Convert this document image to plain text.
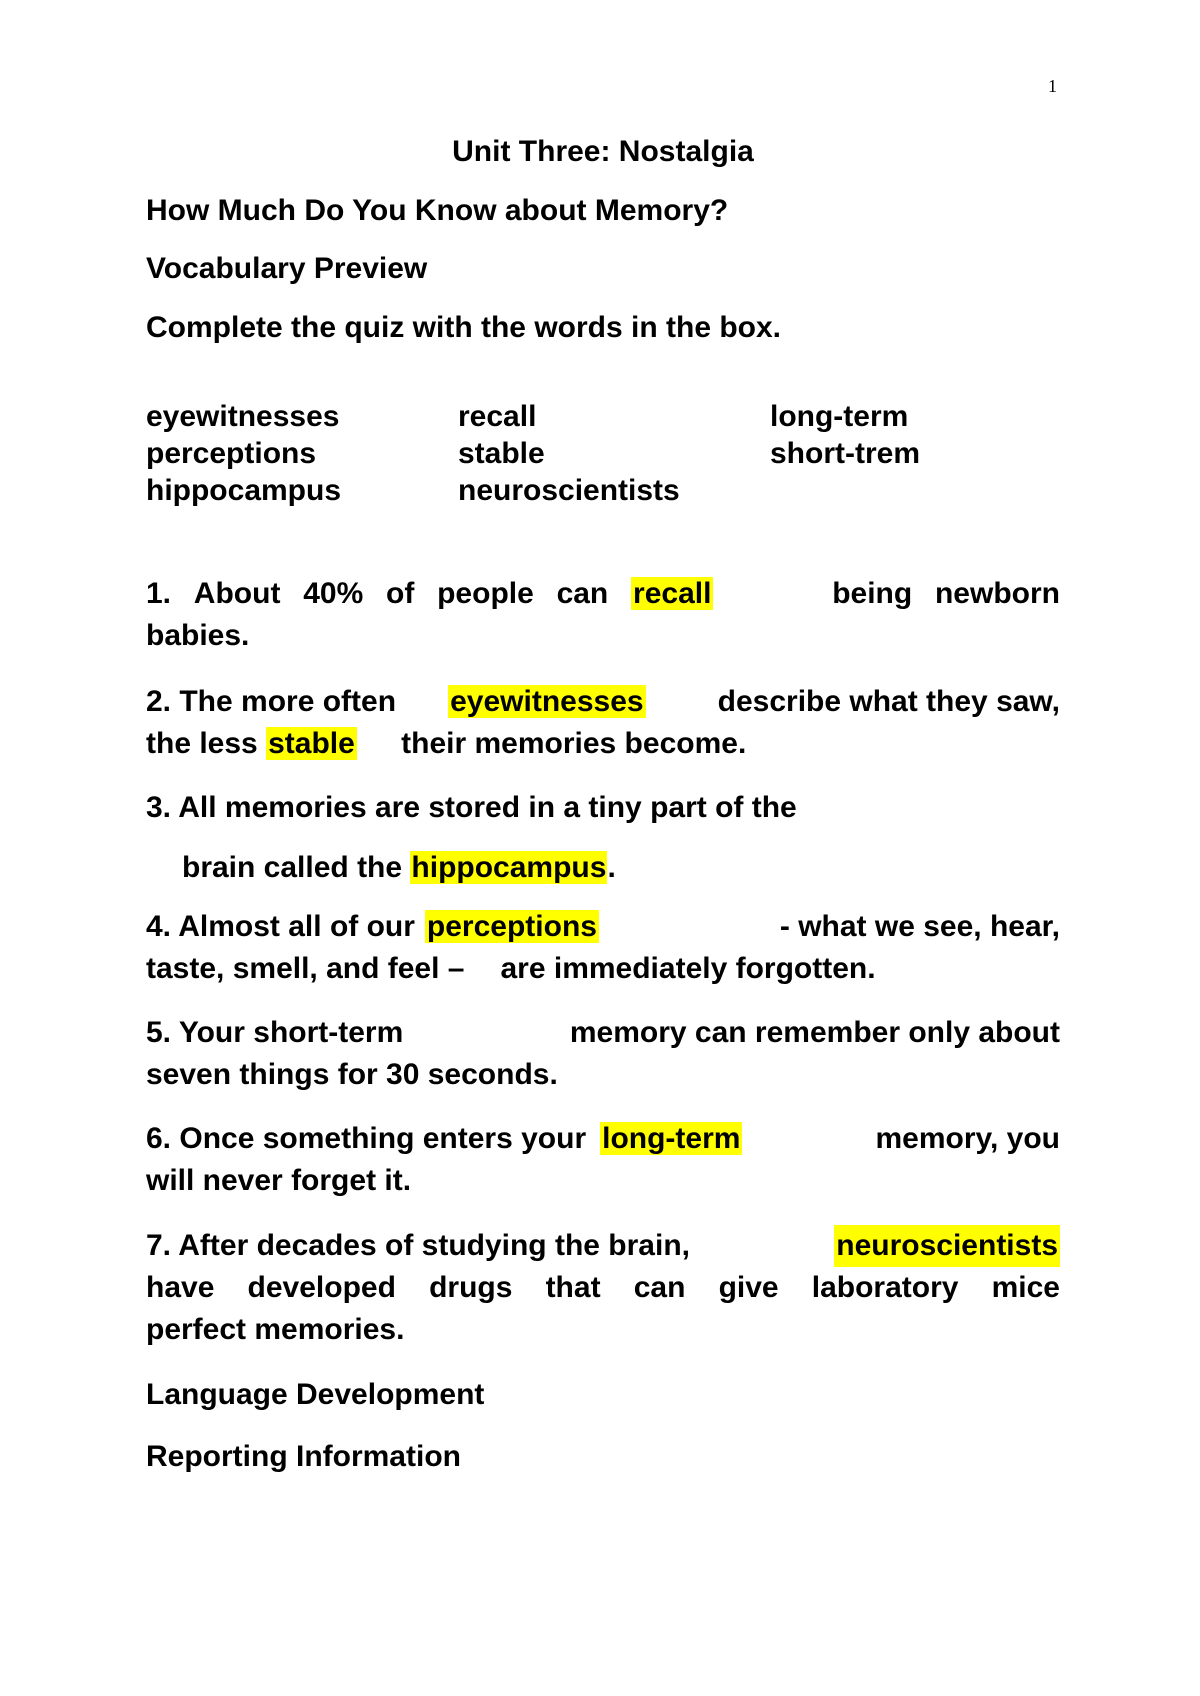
1
Unit Three: Nostalgia
How Much Do You Know about Memory?
Vocabulary Preview
Complete the quiz with the words in the box.
eyewitnesses	recall	long-term
perceptions	stable	short-trem
hippocampus	neuroscientists
1. About 40% of people can recall	being newborn
babies.
2. The more often eyewitnesses describe what they saw,
the less stable their memories become.
3. All memories are stored in a tiny part of the
brain called the hippocampus.
4. Almost all of our perceptions	- what we see, hear,
taste, smell, and feel – are immediately forgotten.
5. Your short-term	memory can remember only about
seven things for 30 seconds.
6. Once something enters your long-term	memory, you
will never forget it.
7. After decades of studying the brain,	neuroscientists
have developed drugs that can give laboratory mice
perfect memories.
Language Development
Reporting Information
